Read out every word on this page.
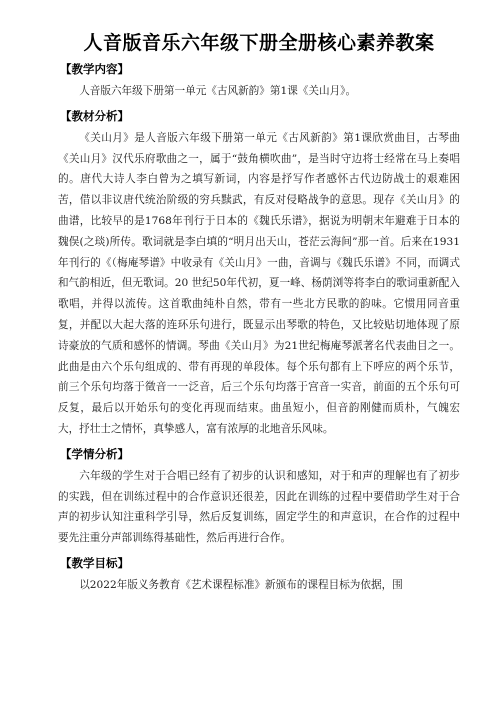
人音版音乐六年级下册全册核心素养教案
【教学内容】

人音版六年级下册第一单元《古风新韵》第1课《关山月》。

【教材分析】

《关山月》是人音版六年级下册第一单元《古风新韵》第1课欣赏曲目，古琴曲《关山月》汉代乐府歌曲之一，属于“鼓角横吹曲”，是当时守边将士经常在马上奏唱的。唐代大诗人李白曾为之填写新词，内容是抒写作者感怀古代边防战士的艰难困苦，借以非议唐代统治阶级的穷兵黩武，有反对侵略战争的意思。现存《关山月》的曲谱，比较早的是1768年刊行于日本的《魏氏乐谱》，据说为明朝末年避难于日本的魏俣(之琰)所传。歌词就是李白填的“明月出天山，苍茫云海间”那一首。后来在1931年刊行的《（梅庵琴谱》中收录有《关山月》一曲，音调与《魏氏乐谱》不同，而调式和气韵相近，但无歌词。20 世纪50年代初，夏一峰、杨荫浏等将李白的歌词重新配入歌唱，并得以流传。这首歌曲纯朴自然，带有一些北方民歌的韵味。它惯用同音重复，并配以大起大落的连环乐句进行，既显示出琴歌的特色，又比较贴切地体现了原诗豪放的气质和感怀的情调。琴曲《关山月》为21世纪梅庵琴派著名代表曲目之一。此曲是由六个乐句组成的、带有再现的单段体。每个乐句都有上下呼应的两个乐节，前三个乐句均落于徵音一一泛音，后三个乐句均落于宫音一实音，前面的五个乐句可反复，最后以开始乐句的变化再现而结束。曲虽短小，但音韵刚健而质朴，气魄宏大，抒壮士之情怀，真挚感人，富有浓厚的北地音乐风味。

【学情分析】

六年级的学生对于合唱已经有了初步的认识和感知，对于和声的理解也有了初步的实践，但在训练过程中的合作意识还很差，因此在训练的过程中要借助学生对于合声的初步认知注重科学引导，然后反复训练，固定学生的和声意识，在合作的过程中要先注重分声部训练得基础性，然后再进行合作。

【教学目标】

以2022年版义务教育《艺术课程标准》新颁布的课程目标为依据，围
